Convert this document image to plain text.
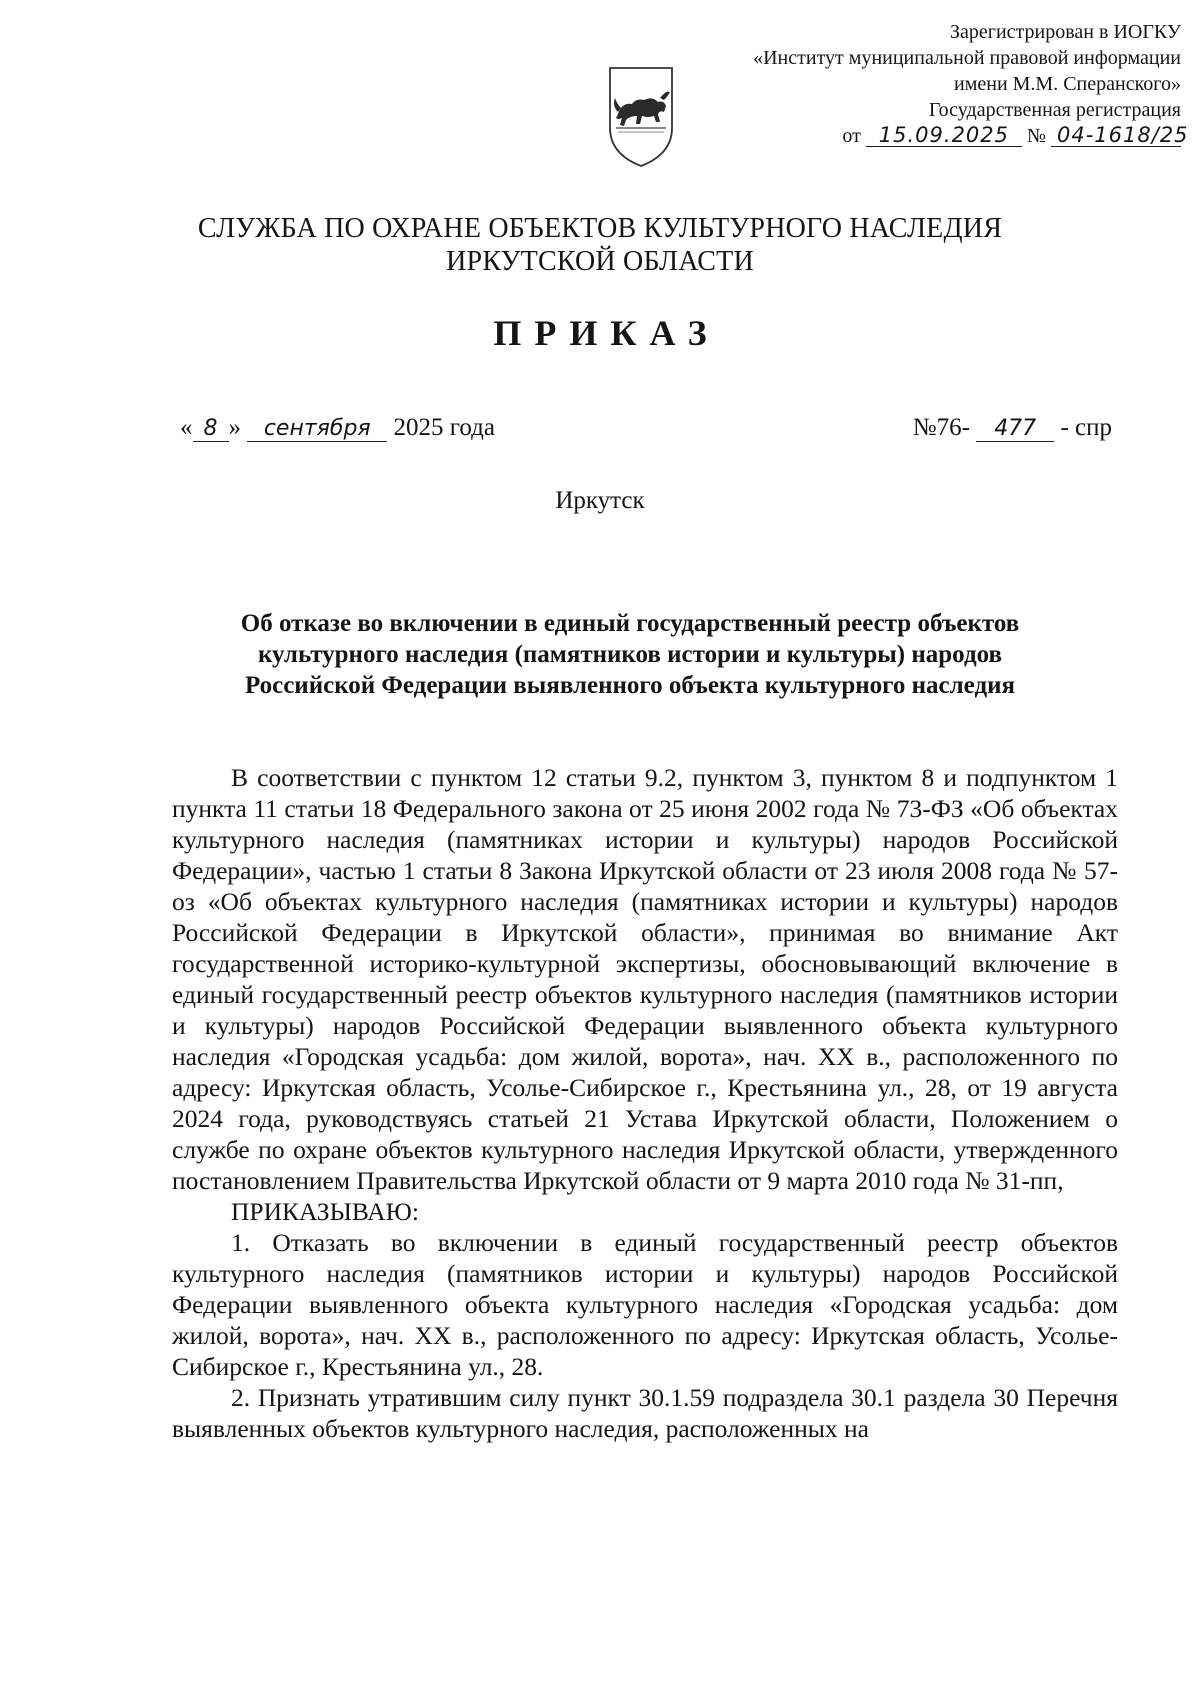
Зарегистрирован в ИОГКУ
«Институт муниципальной правовой информации
имени М.М. Сперанского»
Государственная регистрация
от 15.09.2025 № 04-1618/25
СЛУЖБА ПО ОХРАНЕ ОБЪЕКТОВ КУЛЬТУРНОГО НАСЛЕДИЯ
ИРКУТСКОЙ ОБЛАСТИ
ПРИКАЗ
« 8 » сентября 2025 года	№76- 477 - спр
Иркутск
Об отказе во включении в единый государственный реестр объектов
культурного наследия (памятников истории и культуры) народов
Российской Федерации выявленного объекта культурного наследия

В соответствии с пунктом 12 статьи 9.2, пунктом 3, пунктом 8 и подпунктом 1 пункта 11 статьи 18 Федерального закона от 25 июня 2002 года № 73-ФЗ «Об объектах культурного наследия (памятниках истории и культуры) народов Российской Федерации», частью 1 статьи 8 Закона Иркутской области от 23 июля 2008 года № 57-оз «Об объектах культурного наследия (памятниках истории и культуры) народов Российской Федерации в Иркутской области», принимая во внимание Акт государственной историко-культурной экспертизы, обосновывающий включение в единый государственный реестр объектов культурного наследия (памятников истории и культуры) народов Российской Федерации выявленного объекта культурного наследия «Городская усадьба: дом жилой, ворота», нач. XX в., расположенного по адресу: Иркутская область, Усолье-Сибирское г., Крестьянина ул., 28, от 19 августа 2024 года, руководствуясь статьей 21 Устава Иркутской области, Положением о службе по охране объектов культурного наследия Иркутской области, утвержденного постановлением Правительства Иркутской области от 9 марта 2010 года № 31-пп,

ПРИКАЗЫВАЮ:

1. Отказать во включении в единый государственный реестр объектов культурного наследия (памятников истории и культуры) народов Российской Федерации выявленного объекта культурного наследия «Городская усадьба: дом жилой, ворота», нач. XX в., расположенного по адресу: Иркутская область, Усолье-Сибирское г., Крестьянина ул., 28.

2. Признать утратившим силу пункт 30.1.59 подраздела 30.1 раздела 30 Перечня выявленных объектов культурного наследия, расположенных на
